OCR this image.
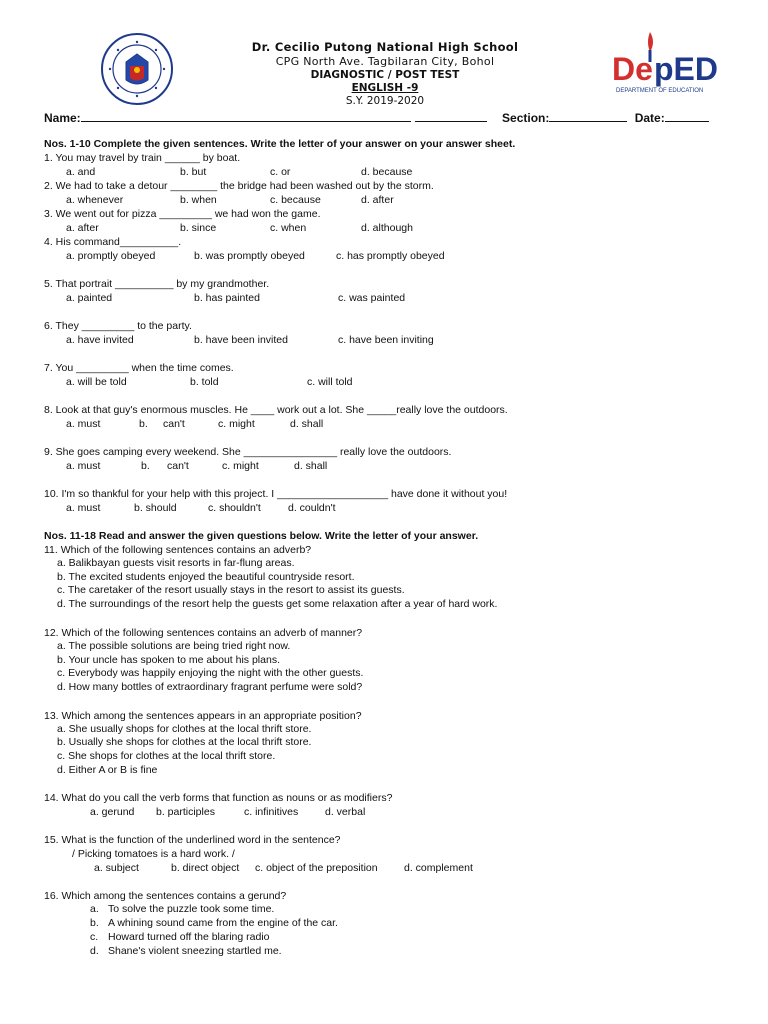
De pED
DEPARTMENT OF EDUCATION
Dr. Cecilio Putong National High School
CPG North Ave. Tagbilaran City, Bohol
DIAGNOSTIC / POST TEST
ENGLISH -9
S.Y. 2019-2020
Name:	Section:	Date:
Nos. 1-10 Complete the given sentences. Write the letter of your answer on your answer sheet.
1. You may travel by train ______ by boat.
a. and	b. but	c. or	d. because
2. We had to take a detour ________ the bridge had been washed out by the storm.
a. whenever	b. when	c. because	d. after
3. We went out for pizza _________ we had won the game.
a. after	b. since	c. when	d. although
4. His command__________.
a. promptly obeyed	b. was promptly obeyed	c. has promptly obeyed
5. That portrait __________ by my grandmother.
a. painted	b. has painted	c. was painted
6. They _________ to the party.
a. have invited	b. have been invited	c. have been inviting
7. You _________ when the time comes.
a. will be told	b. told	c. will told
8. Look at that guy's enormous muscles. He ____ work out a lot. She _____really love the outdoors.
a. must	b. can't	c. might	d. shall
9. She goes camping every weekend. She ________________ really love the outdoors.
a. must	b. can't	c. might	d. shall
10. I'm so thankful for your help with this project. I ___________________ have done it without you!
a. must	b. should	c. shouldn't	d. couldn't
Nos. 11-18 Read and answer the given questions below. Write the letter of your answer.
11. Which of the following sentences contains an adverb?
a. Balikbayan guests visit resorts in far-flung areas.
b. The excited students enjoyed the beautiful countryside resort.
c. The caretaker of the resort usually stays in the resort to assist its guests.
d. The surroundings of the resort help the guests get some relaxation after a year of hard work.
12. Which of the following sentences contains an adverb of manner?
a. The possible solutions are being tried right now.
b. Your uncle has spoken to me about his plans.
c. Everybody was happily enjoying the night with the other guests.
d. How many bottles of extraordinary fragrant perfume were sold?
13. Which among the sentences appears in an appropriate position?
a. She usually shops for clothes at the local thrift store.
b. Usually she shops for clothes at the local thrift store.
c. She shops for clothes at the local thrift store.
d. Either A or B is fine
14. What do you call the verb forms that function as nouns or as modifiers?
a. gerund b. participles	c. infinitives	d. verbal
15. What is the function of the underlined word in the sentence?
/ Picking tomatoes is a hard work. /
a. subject	b. direct object c. object of the preposition	d. complement
16. Which among the sentences contains a gerund?
a. To solve the puzzle took some time.
b. A whining sound came from the engine of the car.
c. Howard turned off the blaring radio
d. Shane's violent sneezing startled me.
